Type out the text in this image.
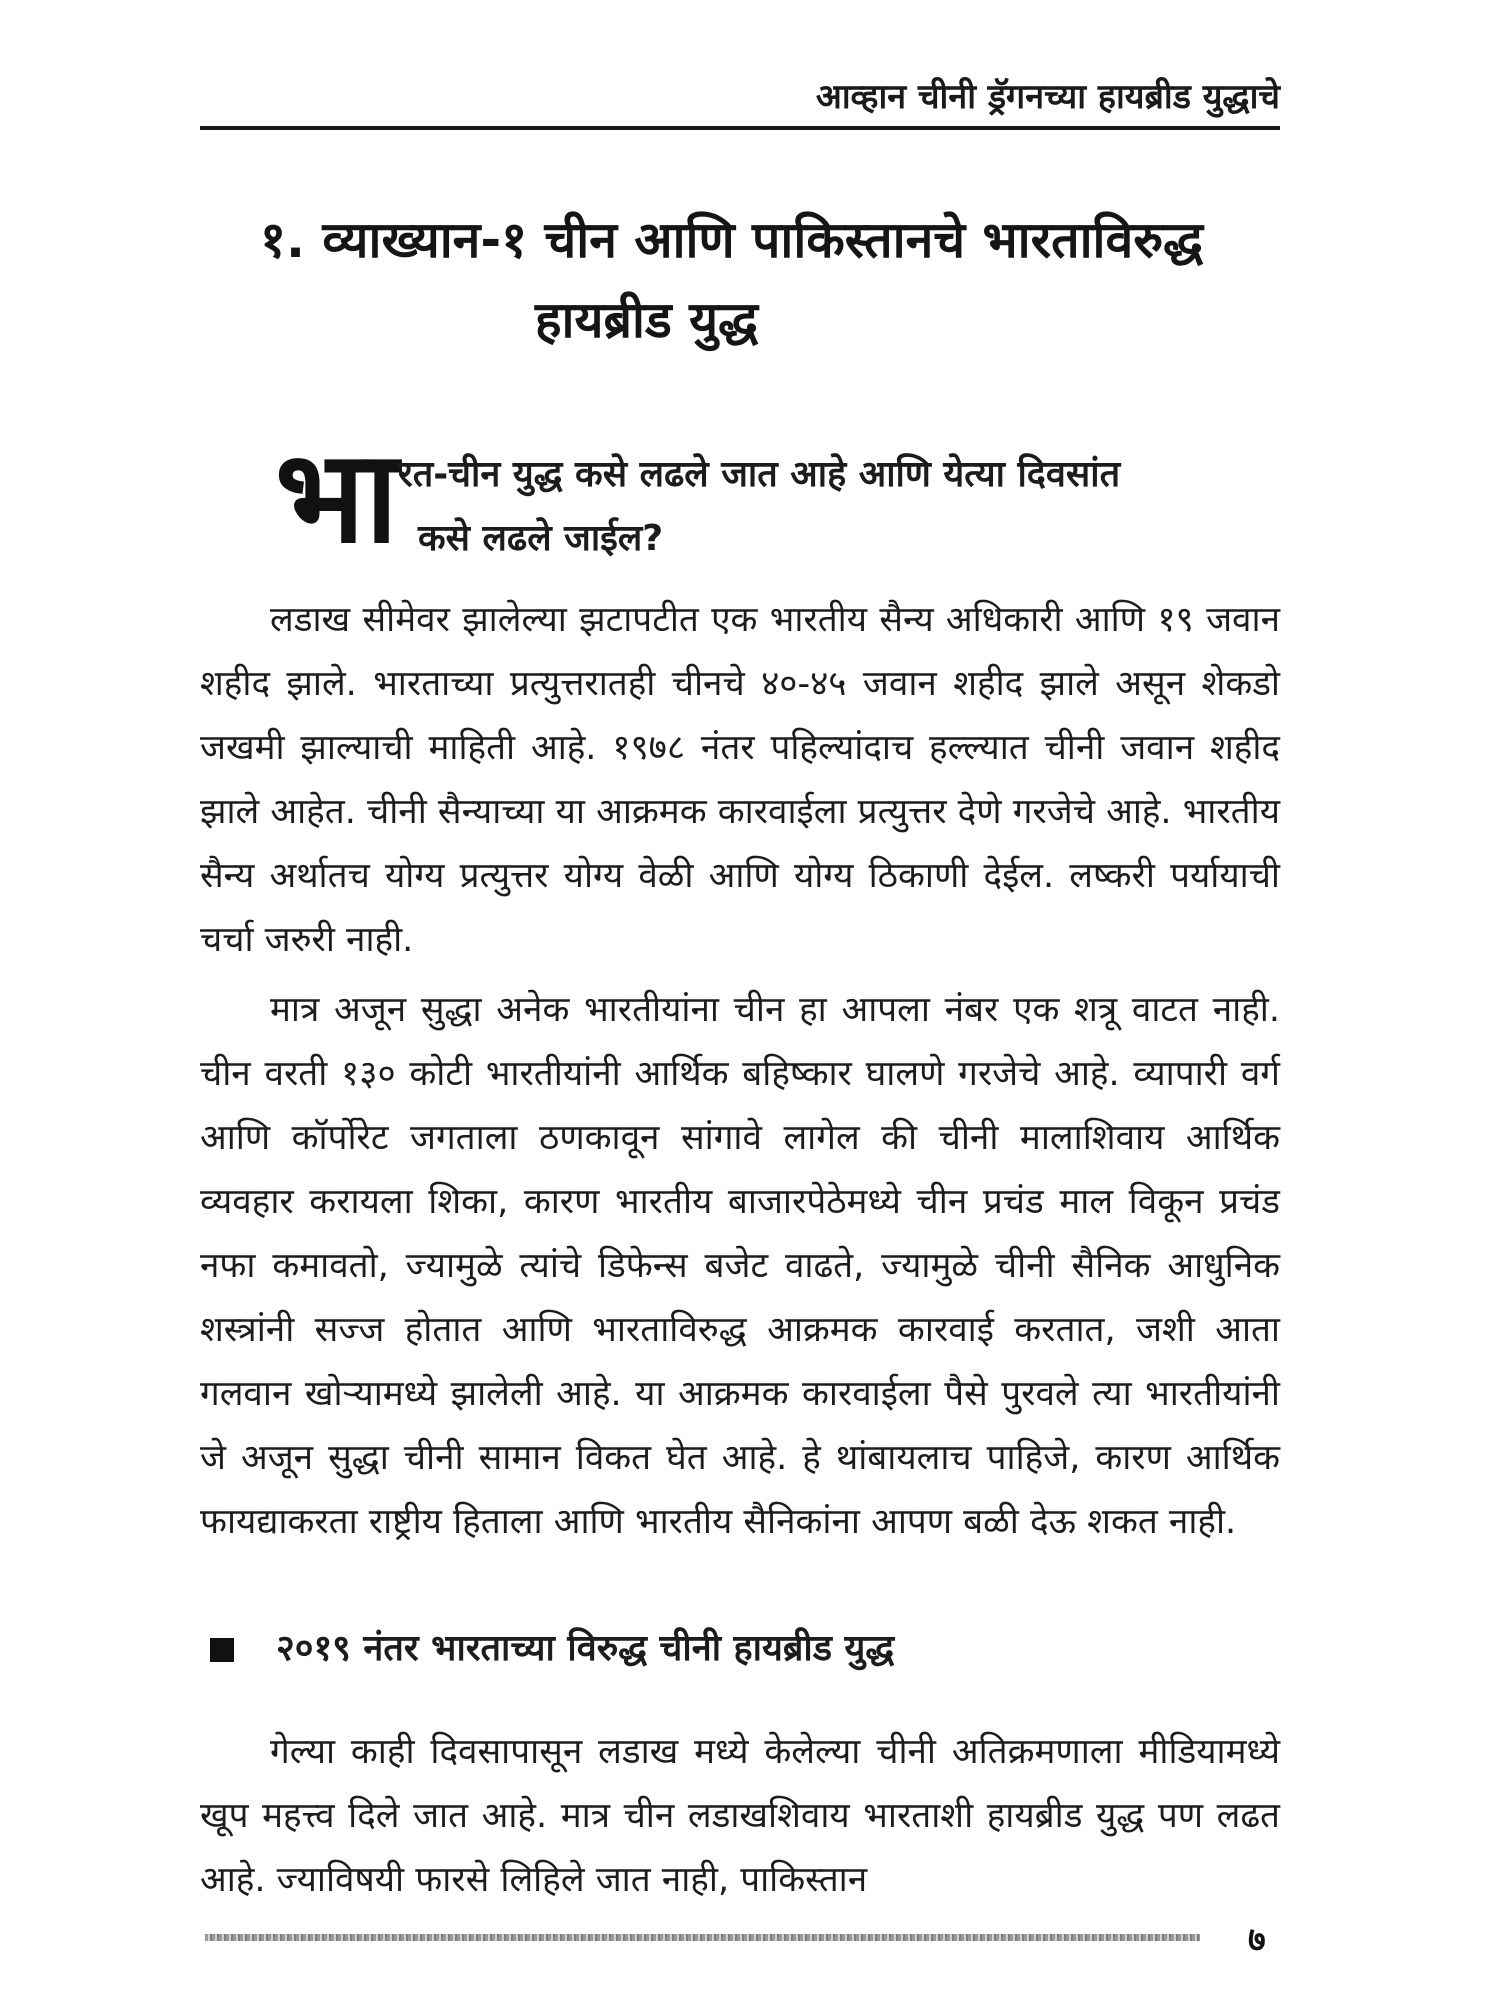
आव्हान चीनी ड्रॅगनच्या हायब्रीड युद्धाचे
१. व्याख्यान-१ चीन आणि पाकिस्तानचे भारताविरुद्ध
हायब्रीड युद्ध
भा रत-चीन युद्ध कसे लढले जात आहे आणि येत्या दिवसांत
कसे लढले जाईल?

लडाख सीमेवर झालेल्या झटापटीत एक भारतीय सैन्य अधिकारी आणि १९ जवान शहीद झाले. भारताच्या प्रत्युत्तरातही चीनचे ४०-४५ जवान शहीद झाले असून शेकडो जखमी झाल्याची माहिती आहे. १९७८ नंतर पहिल्यांदाच हल्ल्यात चीनी जवान शहीद झाले आहेत. चीनी सैन्याच्या या आक्रमक कारवाईला प्रत्युत्तर देणे गरजेचे आहे. भारतीय सैन्य अर्थातच योग्य प्रत्युत्तर योग्य वेळी आणि योग्य ठिकाणी देईल. लष्करी पर्यायाची चर्चा जरुरी नाही.

मात्र अजून सुद्धा अनेक भारतीयांना चीन हा आपला नंबर एक शत्रू वाटत नाही. चीन वरती १३० कोटी भारतीयांनी आर्थिक बहिष्कार घालणे गरजेचे आहे. व्यापारी वर्ग आणि कॉर्पोरेट जगताला ठणकावून सांगावे लागेल की चीनी मालाशिवाय आर्थिक व्यवहार करायला शिका, कारण भारतीय बाजारपेठेमध्ये चीन प्रचंड माल विकून प्रचंड नफा कमावतो, ज्यामुळे त्यांचे डिफेन्स बजेट वाढते, ज्यामुळे चीनी सैनिक आधुनिक शस्त्रांनी सज्ज होतात आणि भारताविरुद्ध आक्रमक कारवाई करतात, जशी आता गलवान खोऱ्यामध्ये झालेली आहे. या आक्रमक कारवाईला पैसे पुरवले त्या भारतीयांनी जे अजून सुद्धा चीनी सामान विकत घेत आहे. हे थांबायलाच पाहिजे, कारण आर्थिक फायद्याकरता राष्ट्रीय हिताला आणि भारतीय सैनिकांना आपण बळी देऊ शकत नाही.

२०१९ नंतर भारताच्या विरुद्ध चीनी हायब्रीड युद्ध

गेल्या काही दिवसापासून लडाख मध्ये केलेल्या चीनी अतिक्रमणाला मीडियामध्ये खूप महत्त्व दिले जात आहे. मात्र चीन लडाखशिवाय भारताशी हायब्रीड युद्ध पण लढत आहे. ज्याविषयी फारसे लिहिले जात नाही, पाकिस्तान

७
